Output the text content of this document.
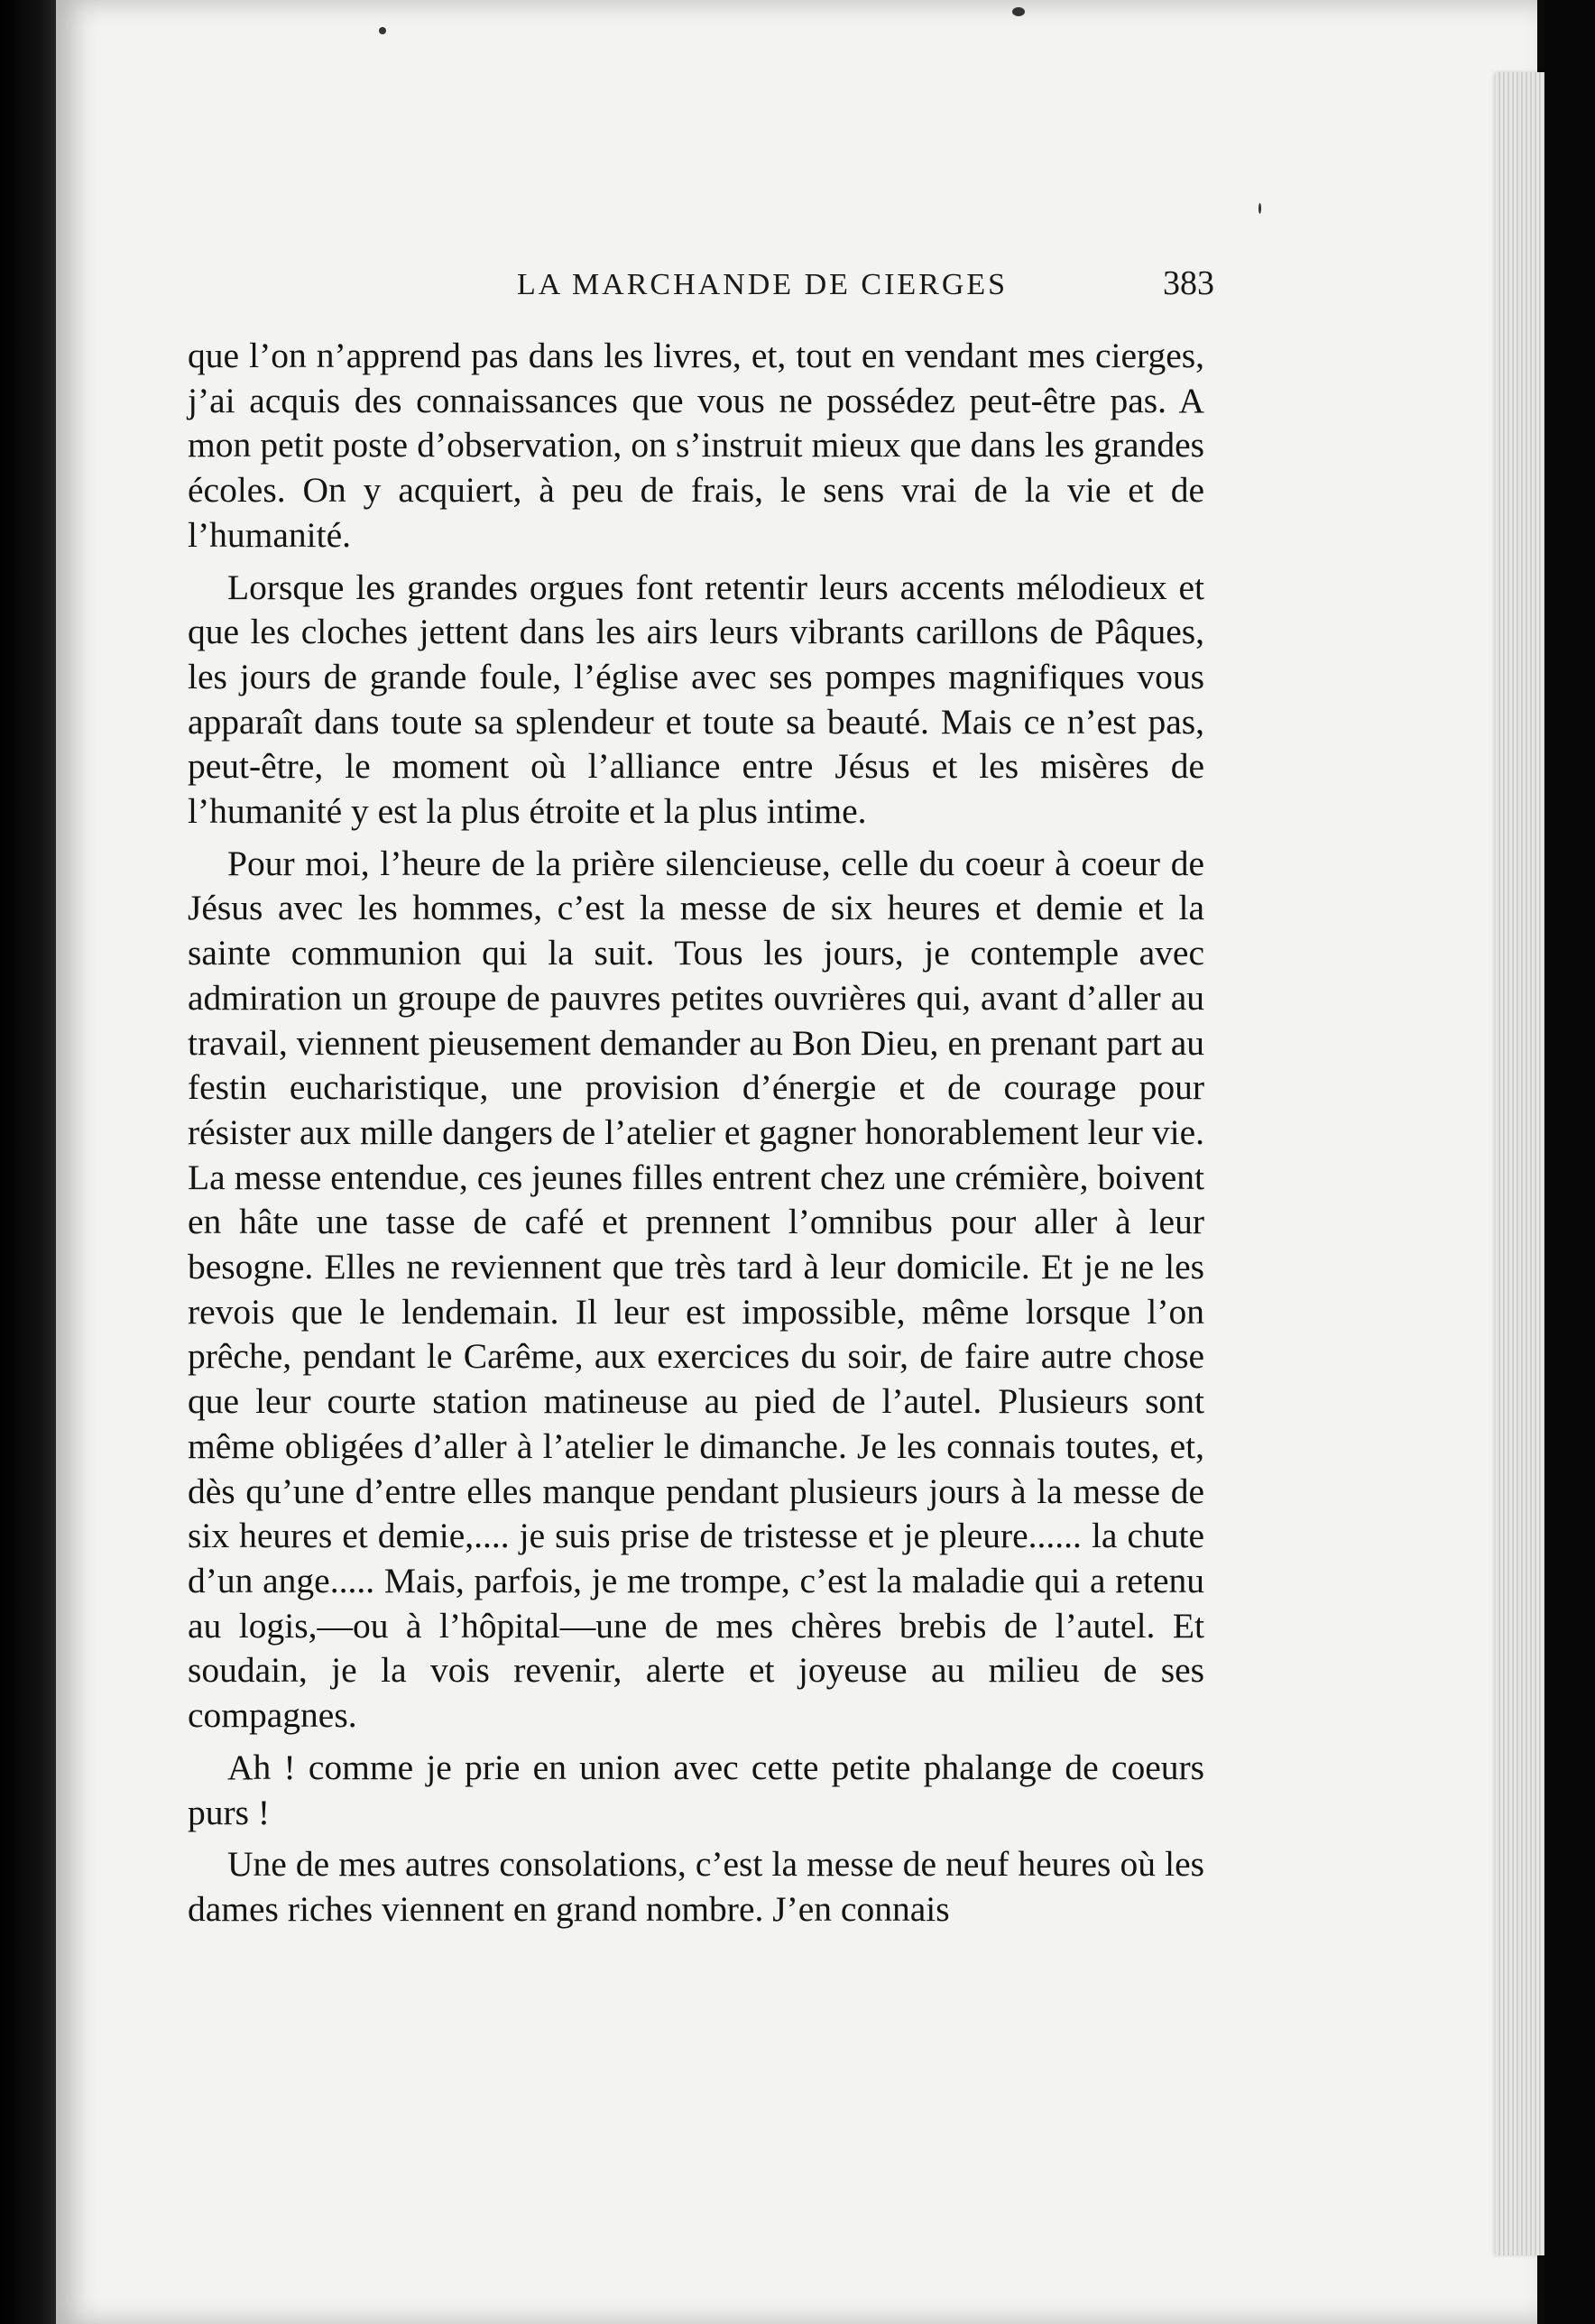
LA MARCHANDE DE CIERGES	383

que l’on n’apprend pas dans les livres, et, tout en vendant mes cierges, j’ai acquis des connaissances que vous ne possédez peut-être pas. A mon petit poste d’observation, on s’instruit mieux que dans les grandes écoles. On y acquiert, à peu de frais, le sens vrai de la vie et de l’humanité.

Lorsque les grandes orgues font retentir leurs accents mélodieux et que les cloches jettent dans les airs leurs vibrants carillons de Pâques, les jours de grande foule, l’église avec ses pompes magnifiques vous apparaît dans toute sa splendeur et toute sa beauté. Mais ce n’est pas, peut-être, le moment où l’alliance entre Jésus et les misères de l’humanité y est la plus étroite et la plus intime.

Pour moi, l’heure de la prière silencieuse, celle du coeur à coeur de Jésus avec les hommes, c’est la messe de six heures et demie et la sainte communion qui la suit. Tous les jours, je contemple avec admiration un groupe de pauvres petites ouvrières qui, avant d’aller au travail, viennent pieusement demander au Bon Dieu, en prenant part au festin eucharistique, une provision d’énergie et de courage pour résister aux mille dangers de l’atelier et gagner honorablement leur vie. La messe entendue, ces jeunes filles entrent chez une crémière, boivent en hâte une tasse de café et prennent l’omnibus pour aller à leur besogne. Elles ne reviennent que très tard à leur domicile. Et je ne les revois que le lendemain. Il leur est impossible, même lorsque l’on prêche, pendant le Carême, aux exercices du soir, de faire autre chose que leur courte station matineuse au pied de l’autel. Plusieurs sont même obligées d’aller à l’atelier le dimanche. Je les connais toutes, et, dès qu’une d’entre elles manque pendant plusieurs jours à la messe de six heures et demie,.... je suis prise de tristesse et je pleure...... la chute d’un ange..... Mais, parfois, je me trompe, c’est la maladie qui a retenu au logis,—ou à l’hôpital—une de mes chères brebis de l’autel. Et soudain, je la vois revenir, alerte et joyeuse au milieu de ses compagnes.

Ah ! comme je prie en union avec cette petite phalange de coeurs purs !

Une de mes autres consolations, c’est la messe de neuf heures où les dames riches viennent en grand nombre. J’en connais
